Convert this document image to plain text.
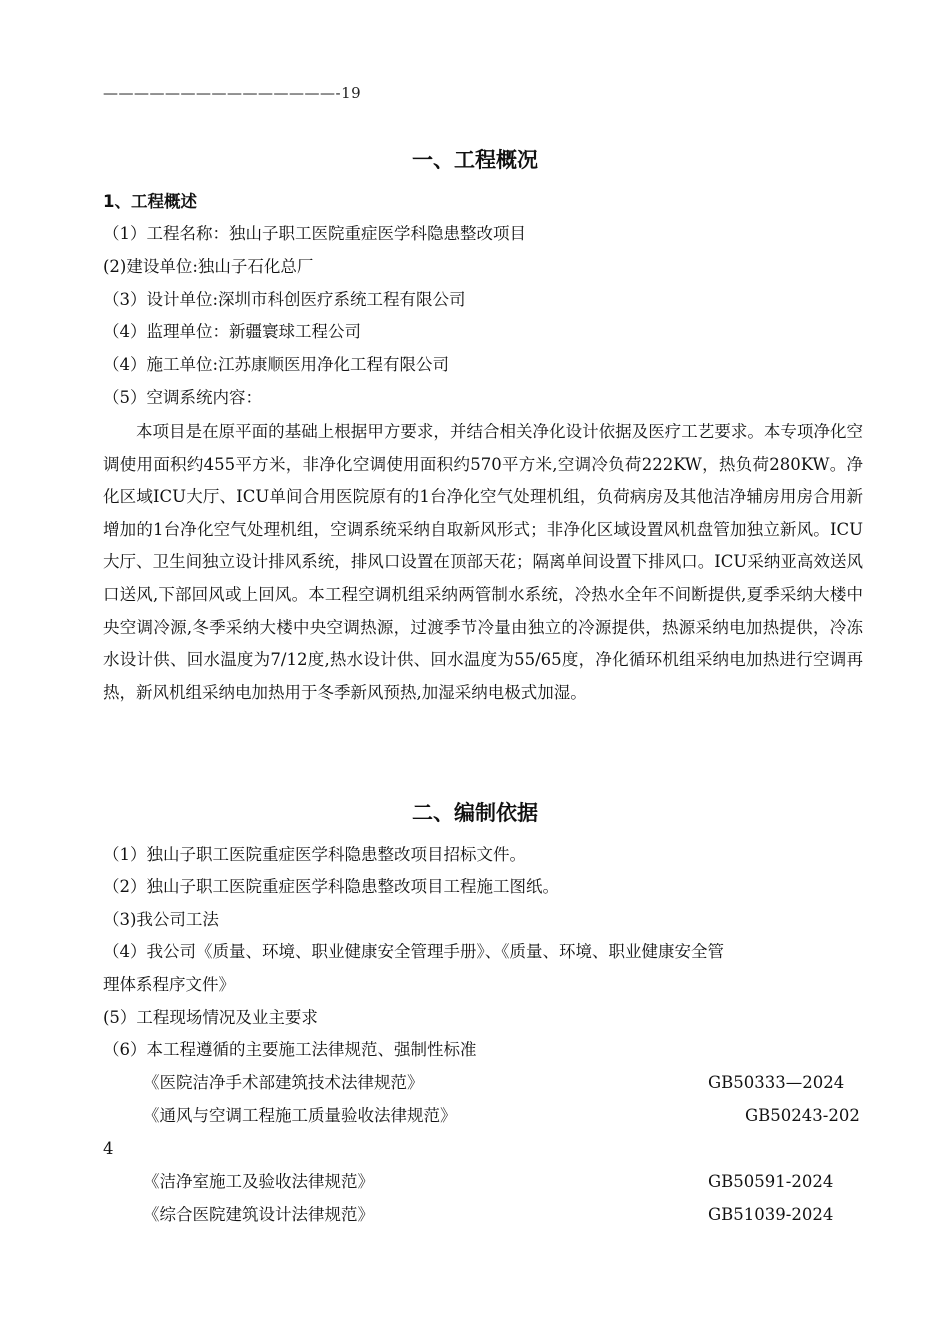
———————————————-19
一、工程概况
1、工程概述
（1）工程名称：独山子职工医院重症医学科隐患整改项目
(2)建设单位:独山子石化总厂
（3）设计单位:深圳市科创医疗系统工程有限公司
（4）监理单位：新疆寰球工程公司
（4）施工单位:江苏康顺医用净化工程有限公司
（5）空调系统内容：
本项目是在原平面的基础上根据甲方要求，并结合相关净化设计依据及医疗工艺要求。本专项净化空调使用面积约455平方米，非净化空调使用面积约570平方米,空调冷负荷222KW，热负荷280KW。净化区域ICU大厅、ICU单间合用医院原有的1台净化空气处理机组，负荷病房及其他洁净辅房用房合用新增加的1台净化空气处理机组，空调系统采纳自取新风形式；非净化区域设置风机盘管加独立新风。ICU大厅、卫生间独立设计排风系统，排风口设置在顶部天花；隔离单间设置下排风口。ICU采纳亚高效送风口送风,下部回风或上回风。本工程空调机组采纳两管制水系统，冷热水全年不间断提供,夏季采纳大楼中央空调冷源,冬季采纳大楼中央空调热源，过渡季节冷量由独立的冷源提供，热源采纳电加热提供，冷冻水设计供、回水温度为7/12度,热水设计供、回水温度为55/65度，净化循环机组采纳电加热进行空调再热，新风机组采纳电加热用于冬季新风预热,加湿采纳电极式加湿。
二、编制依据
（1）独山子职工医院重症医学科隐患整改项目招标文件。
（2）独山子职工医院重症医学科隐患整改项目工程施工图纸。
（3)我公司工法
（4）我公司《质量、环境、职业健康安全管理手册》、《质量、环境、职业健康安全管
理体系程序文件》
(5）工程现场情况及业主要求
（6）本工程遵循的主要施工法律规范、强制性标准
《医院洁净手术部建筑技术法律规范》	GB50333—2024
《通风与空调工程施工质量验收法律规范》	GB50243-202
4
《洁净室施工及验收法律规范》	GB50591-2024
《综合医院建筑设计法律规范》	GB51039-2024
